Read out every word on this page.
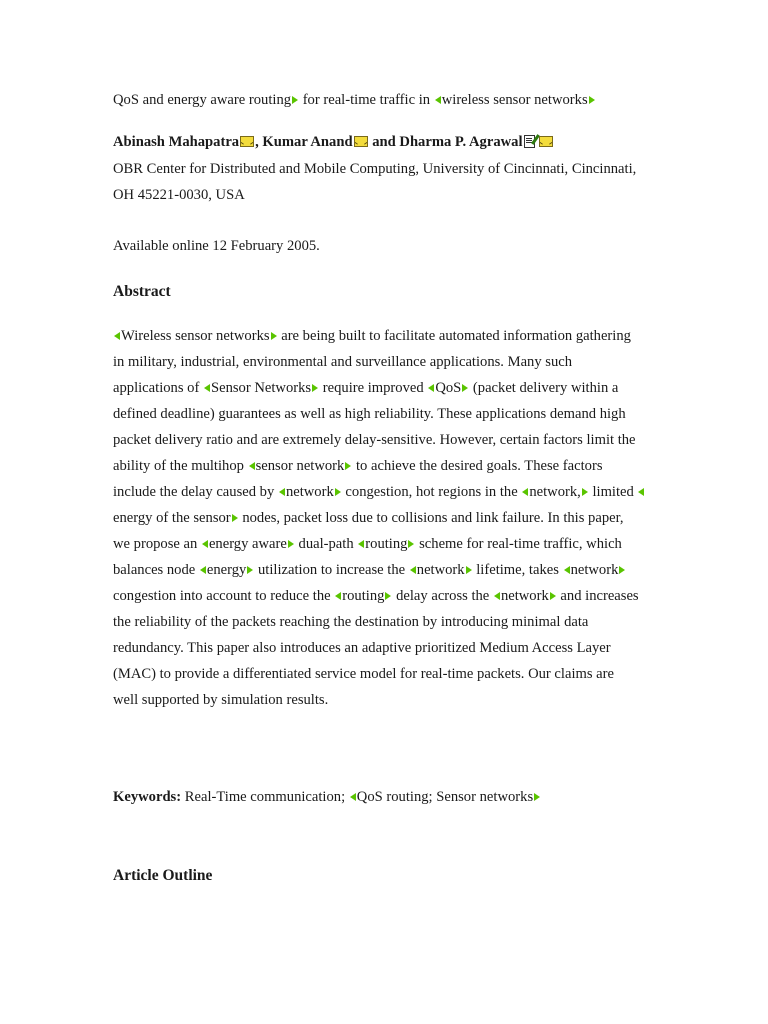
QoS and energy aware routing for real-time traffic in wireless sensor networks
Abinash Mahapatra , Kumar Anand and Dharma P. Agrawal

OBR Center for Distributed and Mobile Computing, University of Cincinnati, Cincinnati,
OH 45221-0030, USA
Available online 12 February 2005.
Abstract
Wireless sensor networks are being built to facilitate automated information gathering
in military, industrial, environmental and surveillance applications. Many such
applications of Sensor Networks require improved QoS (packet delivery within a
defined deadline) guarantees as well as high reliability. These applications demand high
packet delivery ratio and are extremely delay-sensitive. However, certain factors limit the
ability of the multihop sensor network to achieve the desired goals. These factors
include the delay caused by network congestion, hot regions in the network, limited
energy of the sensor nodes, packet loss due to collisions and link failure. In this paper,
we propose an energy aware dual-path routing scheme for real-time traffic, which
balances node energy utilization to increase the network lifetime, takes network
congestion into account to reduce the routing delay across the network and increases
the reliability of the packets reaching the destination by introducing minimal data
redundancy. This paper also introduces an adaptive prioritized Medium Access Layer
(MAC) to provide a differentiated service model for real-time packets. Our claims are
well supported by simulation results.
Keywords: Real-Time communication; QoS routing; Sensor networks
Article Outline
